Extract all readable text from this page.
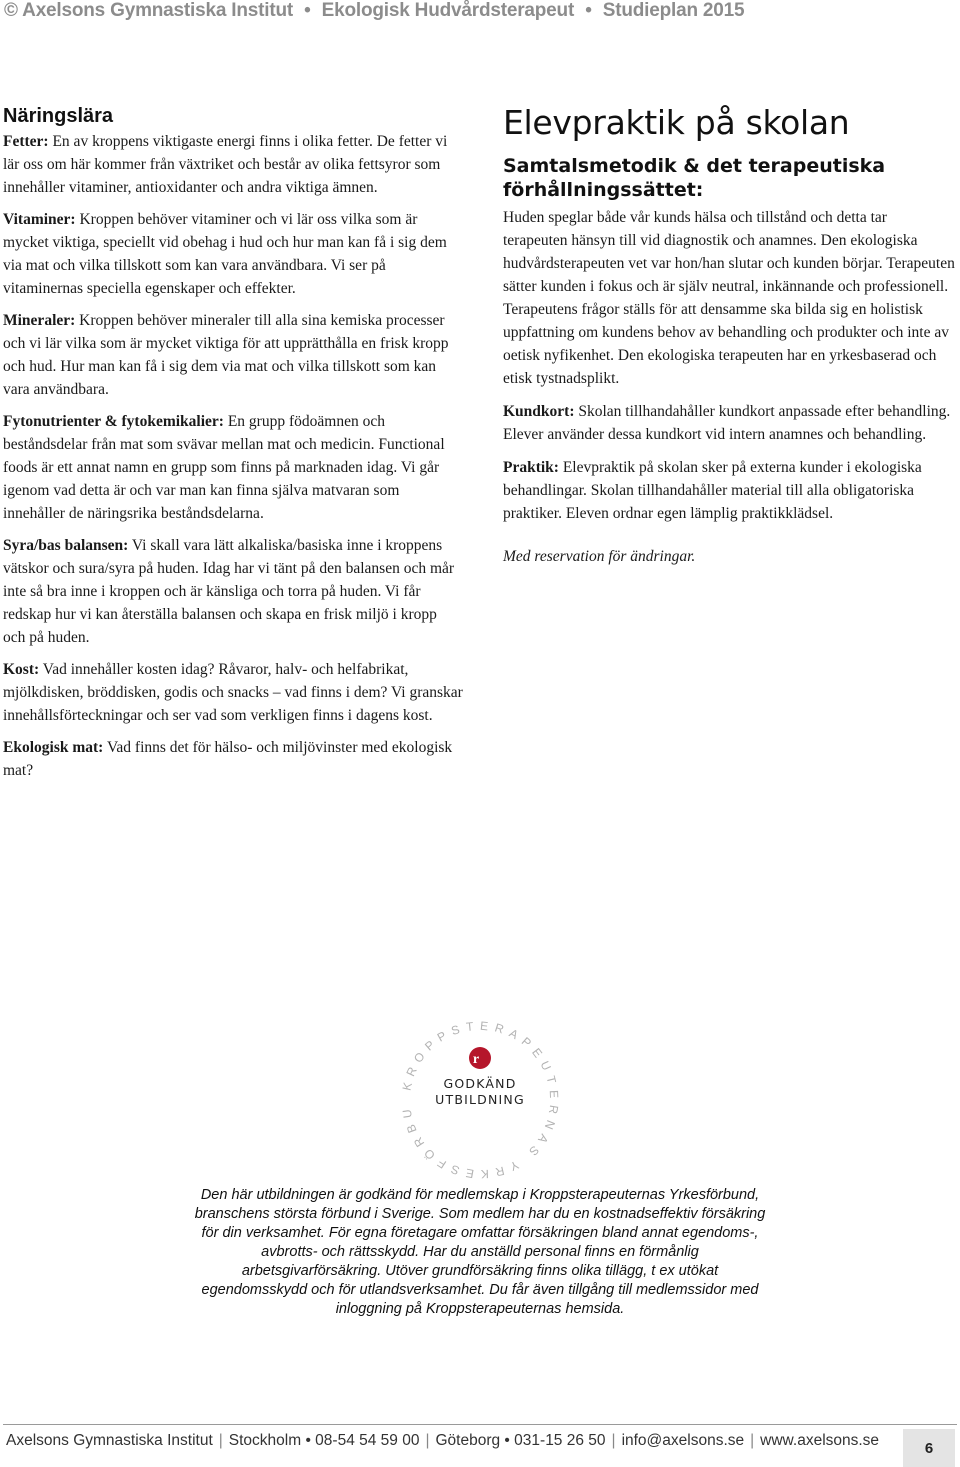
© Axelsons Gymnastiska Institut • Ekologisk Hudvårdsterapeut • Studieplan 2015
Näringslära

Fetter: En av kroppens viktigaste energi finns i olika fetter. De fetter vi lär oss om här kommer från växtriket och består av olika fettsyror som innehåller vitaminer, antioxidanter och andra viktiga ämnen.

Vitaminer: Kroppen behöver vitaminer och vi lär oss vilka som är mycket viktiga, speciellt vid obehag i hud och hur man kan få i sig dem via mat och vilka tillskott som kan vara användbara. Vi ser på vitaminernas speciella egenskaper och effekter.

Mineraler: Kroppen behöver mineraler till alla sina kemiska processer och vi lär vilka som är mycket viktiga för att upprätthålla en frisk kropp och hud. Hur man kan få i sig dem via mat och vilka tillskott som kan vara användbara.

Fytonutrienter & fytokemikalier: En grupp födoämnen och beståndsdelar från mat som svävar mellan mat och medicin. Functional foods är ett annat namn en grupp som finns på marknaden idag. Vi går igenom vad detta är och var man kan finna själva matvaran som innehåller de näringsrika beståndsdelarna.

Syra/bas balansen: Vi skall vara lätt alkaliska/basiska inne i kroppens vätskor och sura/syra på huden. Idag har vi tänt på den balansen och mår inte så bra inne i kroppen och är känsliga och torra på huden. Vi får redskap hur vi kan återställa balansen och skapa en frisk miljö i kropp och på huden.

Kost: Vad innehåller kosten idag? Råvaror, halv- och helfabrikat, mjölkdisken, bröddisken, godis och snacks – vad finns i dem? Vi granskar innehållsförteckningar och ser vad som verkligen finns i dagens kost.

Ekologisk mat: Vad finns det för hälso- och miljövinster med ekologisk mat?

Elevpraktik på skolan
Samtalsmetodik & det terapeutiska förhållningssättet:

Huden speglar både vår kunds hälsa och tillstånd och detta tar terapeuten hänsyn till vid diagnostik och anamnes. Den ekologiska hudvårdsterapeuten vet var hon/han slutar och kunden börjar. Terapeuten sätter kunden i fokus och är själv neutral, inkännande och professionell. Terapeutens frågor ställs för att densamme ska bilda sig en holistisk uppfattning om kundens behov av behandling och produkter och inte av oetisk nyfikenhet. Den ekologiska terapeuten har en yrkesbaserad och etisk tystnadsplikt.

Kundkort: Skolan tillhandahåller kundkort anpassade efter behandling. Elever använder dessa kundkort vid intern anamnes och behandling.

Praktik: Elevpraktik på skolan sker på externa kunder i ekologiska behandlingar. Skolan tillhandahåller material till alla obligatoriska praktiker. Eleven ordnar egen lämplig praktikklädsel.

Med reservation för ändringar.

KROPPSTERAPEUTERNAS YRKESFÖRBU
r
GODKÄND
UTBILDNING
Den här utbildningen är godkänd för medlemskap i Kroppsterapeuternas Yrkesförbund, branschens största förbund i Sverige. Som medlem har du en kostnadseffektiv försäkring för din verksamhet. För egna företagare omfattar försäkringen bland annat egendoms-, avbrotts- och rättsskydd. Har du anställd personal finns en förmånlig arbetsgivarförsäkring. Utöver grundförsäkring finns olika tillägg, t ex utökat egendomsskydd och för utlandsverksamhet. Du får även tillgång till medlemssidor med inloggning på Kroppsterapeuternas hemsida.
Axelsons Gymnastiska Institut | Stockholm • 08-54 54 59 00 | Göteborg • 031-15 26 50 | info@axelsons.se | www.axelsons.se	6
